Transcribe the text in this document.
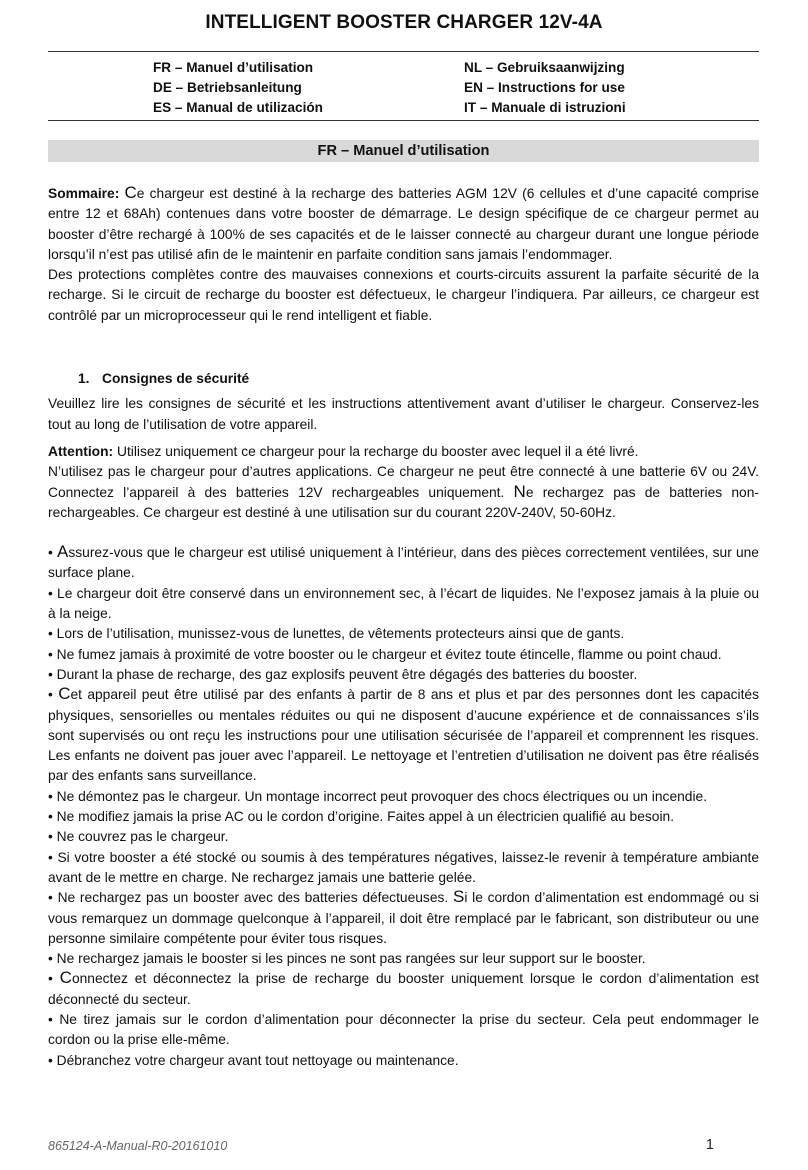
INTELLIGENT BOOSTER CHARGER 12V-4A
FR – Manuel d’utilisation	NL – Gebruiksaanwijzing
DE – Betriebsanleitung	EN – Instructions for use
ES – Manual de utilización	IT – Manuale di istruzioni
FR – Manuel d’utilisation

Sommaire: Ce chargeur est destiné à la recharge des batteries AGM 12V (6 cellules et d’une capacité comprise entre 12 et 68Ah) contenues dans votre booster de démarrage. Le design spécifique de ce chargeur permet au booster d’être rechargé à 100% de ses capacités et de le laisser connecté au chargeur durant une longue période lorsqu’il n’est pas utilisé afin de le maintenir en parfaite condition sans jamais l’endommager.

Des protections complètes contre des mauvaises connexions et courts-circuits assurent la parfaite sécurité de la recharge. Si le circuit de recharge du booster est défectueux, le chargeur l’indiquera. Par ailleurs, ce chargeur est contrôlé par un microprocesseur qui le rend intelligent et fiable.

1. Consignes de sécurité

Veuillez lire les consignes de sécurité et les instructions attentivement avant d’utiliser le chargeur. Conservez-les tout au long de l’utilisation de votre appareil.

Attention: Utilisez uniquement ce chargeur pour la recharge du booster avec lequel il a été livré.

N’utilisez pas le chargeur pour d’autres applications. Ce chargeur ne peut être connecté à une batterie 6V ou 24V. Connectez l’appareil à des batteries 12V rechargeables uniquement. Ne rechargez pas de batteries non-rechargeables. Ce chargeur est destiné à une utilisation sur du courant 220V-240V, 50-60Hz.

• Assurez-vous que le chargeur est utilisé uniquement à l’intérieur, dans des pièces correctement ventilées, sur une surface plane.

• Le chargeur doit être conservé dans un environnement sec, à l’écart de liquides. Ne l’exposez jamais à la pluie ou à la neige.

• Lors de l’utilisation, munissez-vous de lunettes, de vêtements protecteurs ainsi que de gants.

• Ne fumez jamais à proximité de votre booster ou le chargeur et évitez toute étincelle, flamme ou point chaud.

• Durant la phase de recharge, des gaz explosifs peuvent être dégagés des batteries du booster.

• Cet appareil peut être utilisé par des enfants à partir de 8 ans et plus et par des personnes dont les capacités physiques, sensorielles ou mentales réduites ou qui ne disposent d’aucune expérience et de connaissances s’ils sont supervisés ou ont reçu les instructions pour une utilisation sécurisée de l’appareil et comprennent les risques. Les enfants ne doivent pas jouer avec l’appareil. Le nettoyage et l’entretien d’utilisation ne doivent pas être réalisés par des enfants sans surveillance.

• Ne démontez pas le chargeur. Un montage incorrect peut provoquer des chocs électriques ou un incendie.

• Ne modifiez jamais la prise AC ou le cordon d’origine. Faites appel à un électricien qualifié au besoin.

• Ne couvrez pas le chargeur.

• Si votre booster a été stocké ou soumis à des températures négatives, laissez-le revenir à température ambiante avant de le mettre en charge. Ne rechargez jamais une batterie gelée.

• Ne rechargez pas un booster avec des batteries défectueuses. Si le cordon d’alimentation est endommagé ou si vous remarquez un dommage quelconque à l’appareil, il doit être remplacé par le fabricant, son distributeur ou une personne similaire compétente pour éviter tous risques.

• Ne rechargez jamais le booster si les pinces ne sont pas rangées sur leur support sur le booster.

• Connectez et déconnectez la prise de recharge du booster uniquement lorsque le cordon d’alimentation est déconnecté du secteur.

• Ne tirez jamais sur le cordon d’alimentation pour déconnecter la prise du secteur. Cela peut endommager le cordon ou la prise elle-même.

• Débranchez votre chargeur avant tout nettoyage ou maintenance.

865124-A-Manual-R0-20161010	1
